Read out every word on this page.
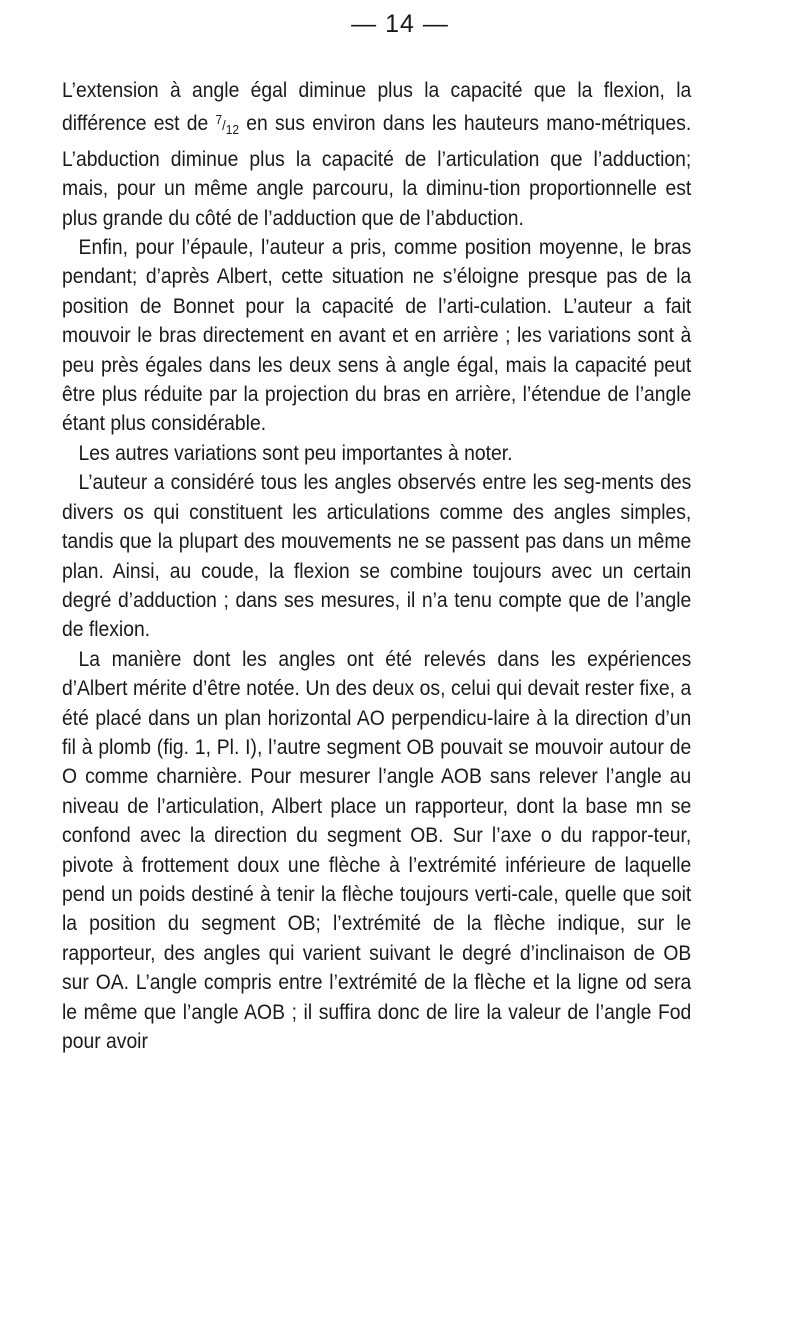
— 14 —

L’extension à angle égal diminue plus la capacité que la flexion, la différence est de $^7/_{12}$ en sus environ dans les hauteurs mano-métriques. L’abduction diminue plus la capacité de l’articulation que l’adduction; mais, pour un même angle parcouru, la diminu-tion proportionnelle est plus grande du côté de l’adduction que de l’abduction.

Enfin, pour l’épaule, l’auteur a pris, comme position moyenne, le bras pendant; d’après Albert, cette situation ne s’éloigne presque pas de la position de Bonnet pour la capacité de l’arti-culation. L’auteur a fait mouvoir le bras directement en avant et en arrière ; les variations sont à peu près égales dans les deux sens à angle égal, mais la capacité peut être plus réduite par la projection du bras en arrière, l’étendue de l’angle étant plus considérable.

Les autres variations sont peu importantes à noter.

L’auteur a considéré tous les angles observés entre les seg-ments des divers os qui constituent les articulations comme des angles simples, tandis que la plupart des mouvements ne se passent pas dans un même plan. Ainsi, au coude, la flexion se combine toujours avec un certain degré d’adduction ; dans ses mesures, il n’a tenu compte que de l’angle de flexion.

La manière dont les angles ont été relevés dans les expériences d’Albert mérite d’être notée. Un des deux os, celui qui devait rester fixe, a été placé dans un plan horizontal AO perpendicu-laire à la direction d’un fil à plomb (fig. 1, Pl. I), l’autre segment OB pouvait se mouvoir autour de O comme charnière. Pour mesurer l’angle AOB sans relever l’angle au niveau de l’articulation, Albert place un rapporteur, dont la base mn se confond avec la direction du segment OB. Sur l’axe o du rappor-teur, pivote à frottement doux une flèche à l’extrémité inférieure de laquelle pend un poids destiné à tenir la flèche toujours verti-cale, quelle que soit la position du segment OB; l’extrémité de la flèche indique, sur le rapporteur, des angles qui varient suivant le degré d’inclinaison de OB sur OA. L’angle compris entre l’extrémité de la flèche et la ligne od sera le même que l’angle AOB ; il suffira donc de lire la valeur de l’angle Fod pour avoir
